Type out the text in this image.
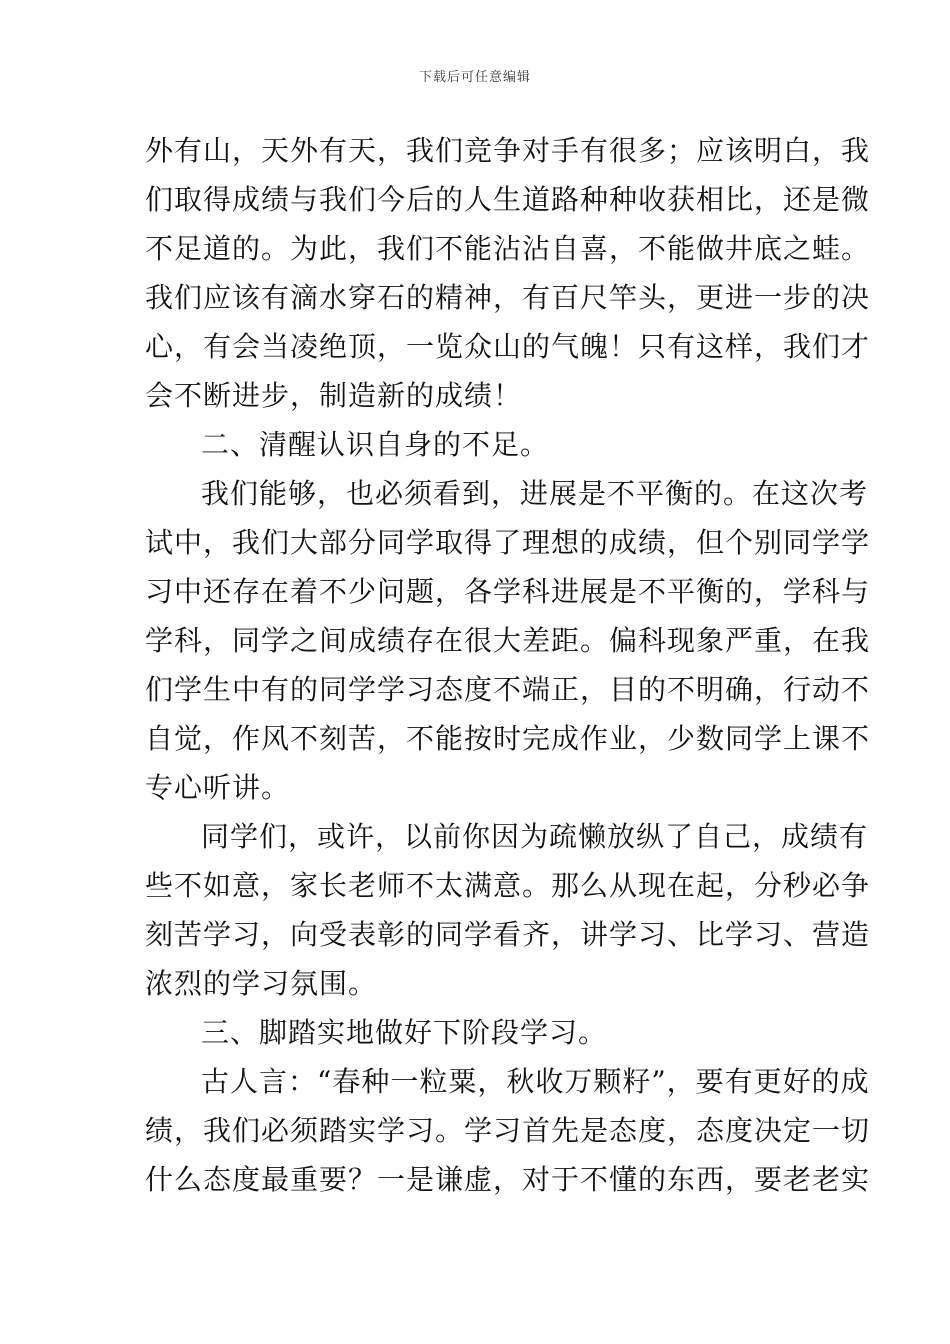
下载后可任意编辑
外有山，天外有天，我们竞争对手有很多；应该明白，我
们取得成绩与我们今后的人生道路种种收获相比，还是微
不足道的。为此，我们不能沾沾自喜，不能做井底之蛙。
我们应该有滴水穿石的精神，有百尺竿头，更进一步的决
心，有会当凌绝顶，一览众山的气魄！只有这样，我们才
会不断进步，制造新的成绩！
二、清醒认识自身的不足。
我们能够，也必须看到，进展是不平衡的。在这次考
试中，我们大部分同学取得了理想的成绩，但个别同学学
习中还存在着不少问题，各学科进展是不平衡的，学科与
学科，同学之间成绩存在很大差距。偏科现象严重，在我
们学生中有的同学学习态度不端正，目的不明确，行动不
自觉，作风不刻苦，不能按时完成作业，少数同学上课不
专心听讲。
同学们，或许，以前你因为疏懒放纵了自己，成绩有
些不如意，家长老师不太满意。那么从现在起，分秒必争
刻苦学习，向受表彰的同学看齐，讲学习、比学习、营造
浓烈的学习氛围。
三、脚踏实地做好下阶段学习。
古人言：“春种一粒粟，秋收万颗籽”，要有更好的成
绩，我们必须踏实学习。学习首先是态度，态度决定一切
什么态度最重要？一是谦虚，对于不懂的东西，要老老实
